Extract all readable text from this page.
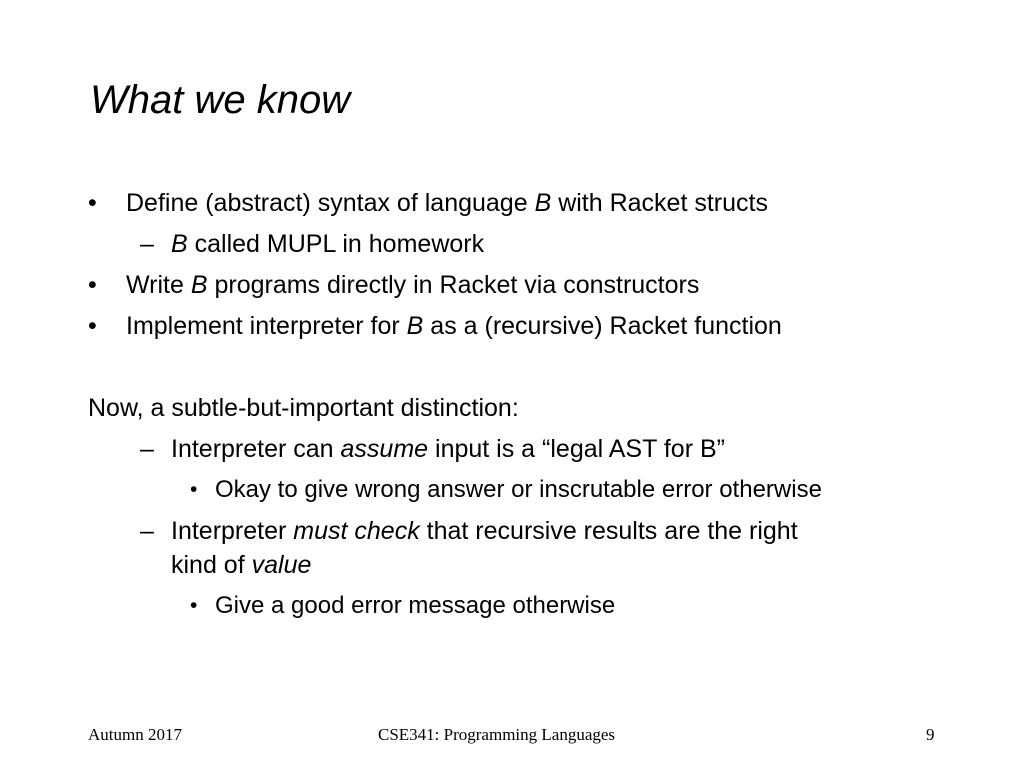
What we know
• Define (abstract) syntax of language B with Racket structs
– B called MUPL in homework
• Write B programs directly in Racket via constructors
• Implement interpreter for B as a (recursive) Racket function
Now, a subtle-but-important distinction:
– Interpreter can assume input is a “legal AST for B”
• Okay to give wrong answer or inscrutable error otherwise
– Interpreter must check that recursive results are the right
kind of value
• Give a good error message otherwise
Autumn 2017	CSE341: Programming Languages	9
